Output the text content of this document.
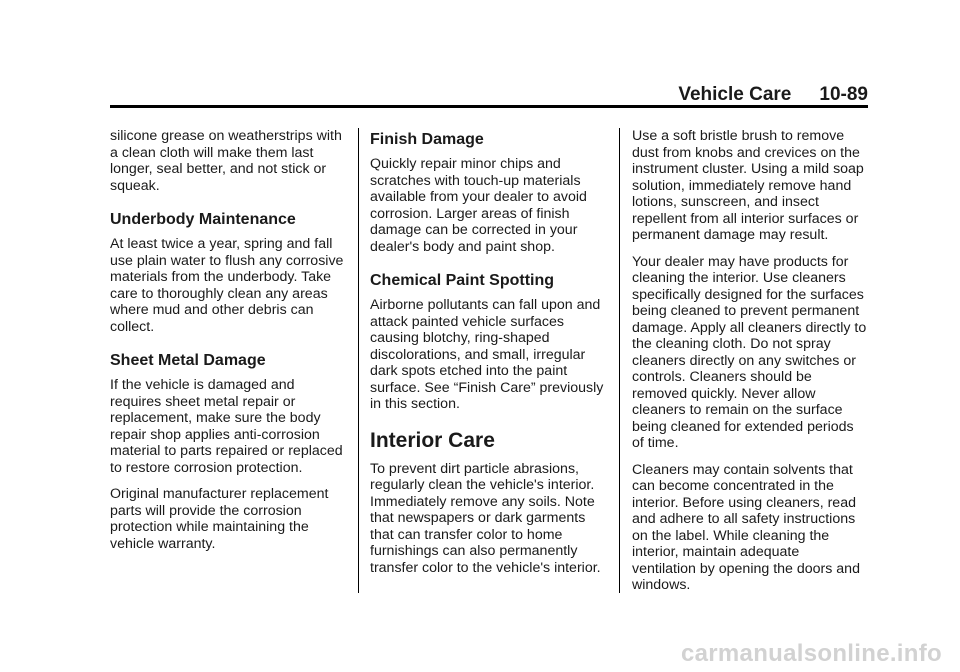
Vehicle Care 10-89

silicone grease on weatherstrips with a clean cloth will make them last longer, seal better, and not stick or squeak.

Underbody Maintenance

At least twice a year, spring and fall use plain water to flush any corrosive materials from the underbody. Take care to thoroughly clean any areas where mud and other debris can collect.

Sheet Metal Damage

If the vehicle is damaged and requires sheet metal repair or replacement, make sure the body repair shop applies anti-corrosion material to parts repaired or replaced to restore corrosion protection.

Original manufacturer replacement parts will provide the corrosion protection while maintaining the vehicle warranty.

Finish Damage

Quickly repair minor chips and scratches with touch-up materials available from your dealer to avoid corrosion. Larger areas of finish damage can be corrected in your dealer's body and paint shop.

Chemical Paint Spotting

Airborne pollutants can fall upon and attack painted vehicle surfaces causing blotchy, ring-shaped discolorations, and small, irregular dark spots etched into the paint surface. See “Finish Care” previously in this section.

Interior Care

To prevent dirt particle abrasions, regularly clean the vehicle's interior. Immediately remove any soils. Note that newspapers or dark garments that can transfer color to home furnishings can also permanently transfer color to the vehicle's interior.

Use a soft bristle brush to remove dust from knobs and crevices on the instrument cluster. Using a mild soap solution, immediately remove hand lotions, sunscreen, and insect repellent from all interior surfaces or permanent damage may result.

Your dealer may have products for cleaning the interior. Use cleaners specifically designed for the surfaces being cleaned to prevent permanent damage. Apply all cleaners directly to the cleaning cloth. Do not spray cleaners directly on any switches or controls. Cleaners should be removed quickly. Never allow cleaners to remain on the surface being cleaned for extended periods of time.

Cleaners may contain solvents that can become concentrated in the interior. Before using cleaners, read and adhere to all safety instructions on the label. While cleaning the interior, maintain adequate ventilation by opening the doors and windows.

carmanualsonline.info
